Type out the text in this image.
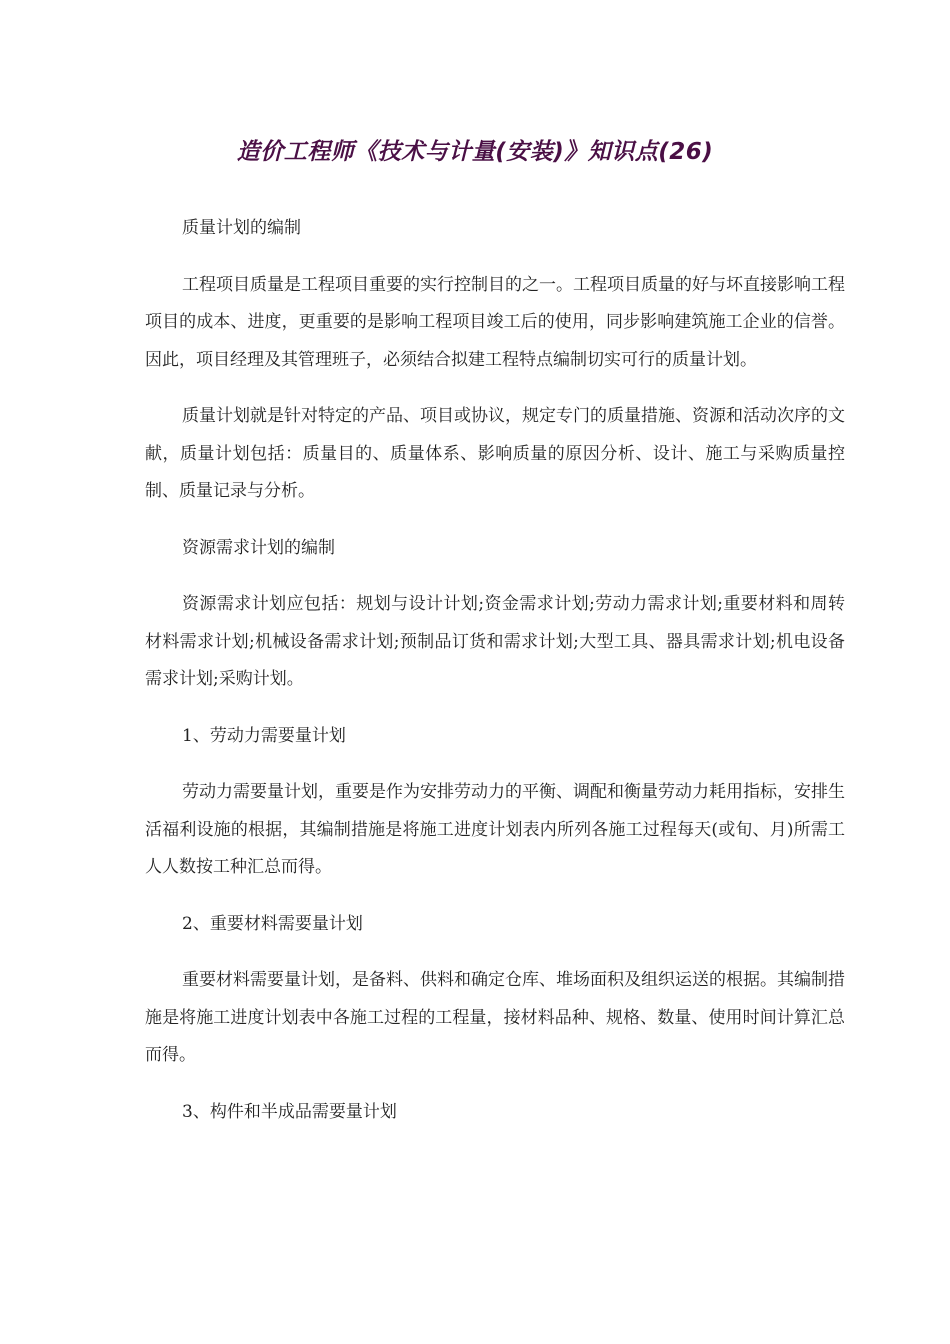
造价工程师《技术与计量(安装)》知识点(26)

质量计划的编制

工程项目质量是工程项目重要的实行控制目的之一。工程项目质量的好与坏直接影响工程项目的成本、进度，更重要的是影响工程项目竣工后的使用，同步影响建筑施工企业的信誉。因此，项目经理及其管理班子，必须结合拟建工程特点编制切实可行的质量计划。

质量计划就是针对特定的产品、项目或协议，规定专门的质量措施、资源和活动次序的文献，质量计划包括：质量目的、质量体系、影响质量的原因分析、设计、施工与采购质量控制、质量记录与分析。

资源需求计划的编制

资源需求计划应包括：规划与设计计划;资金需求计划;劳动力需求计划;重要材料和周转材料需求计划;机械设备需求计划;预制品订货和需求计划;大型工具、器具需求计划;机电设备需求计划;采购计划。

1、劳动力需要量计划

劳动力需要量计划，重要是作为安排劳动力的平衡、调配和衡量劳动力耗用指标，安排生活福利设施的根据，其编制措施是将施工进度计划表内所列各施工过程每天(或旬、月)所需工人人数按工种汇总而得。

2、重要材料需要量计划

重要材料需要量计划，是备料、供料和确定仓库、堆场面积及组织运送的根据。其编制措施是将施工进度计划表中各施工过程的工程量，接材料品种、规格、数量、使用时间计算汇总而得。

3、构件和半成品需要量计划
